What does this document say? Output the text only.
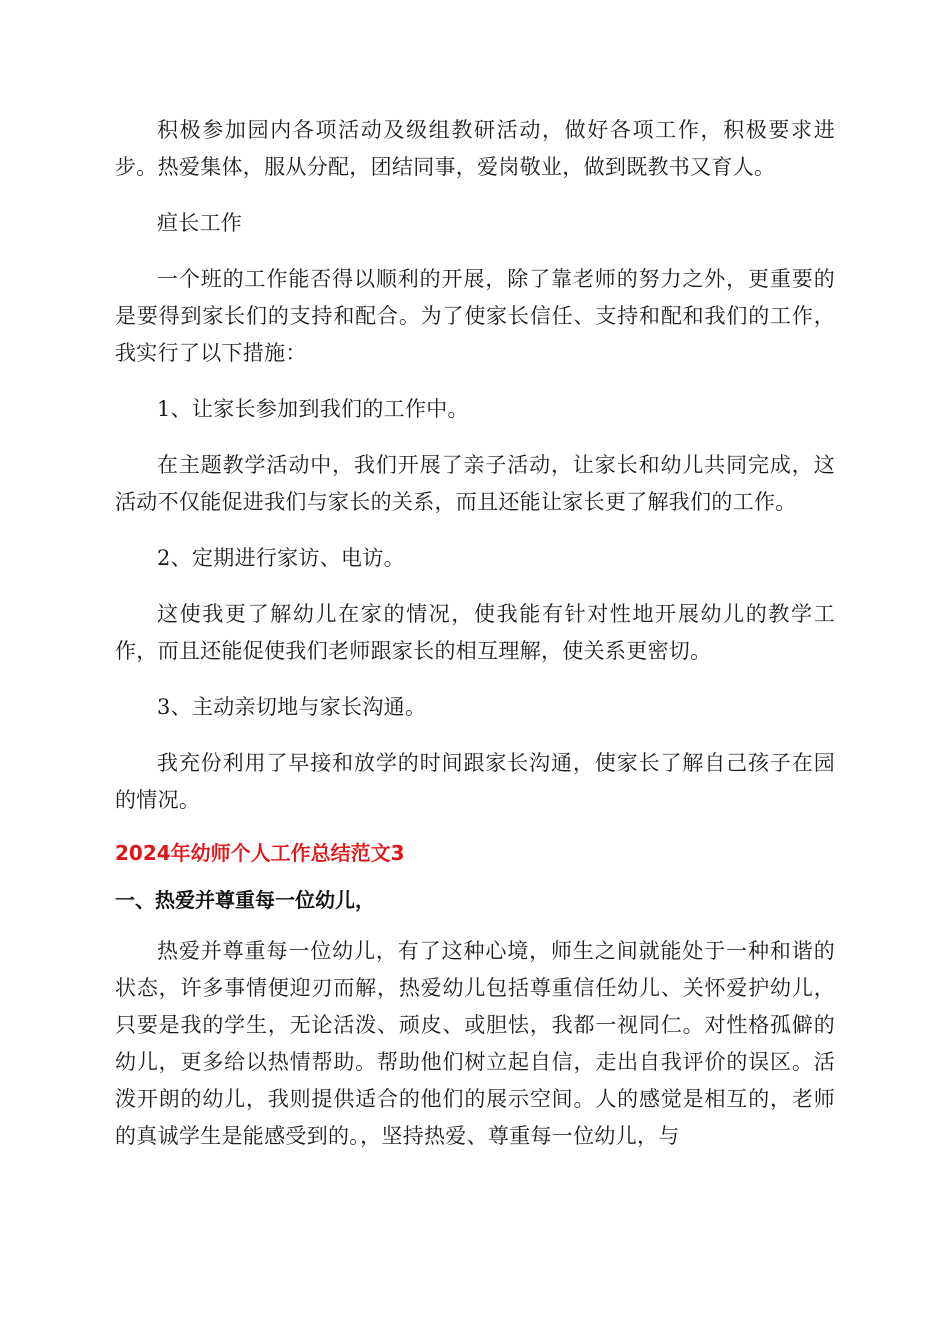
积极参加园内各项活动及级组教研活动，做好各项工作，积极要求进步。热爱集体，服从分配，团结同事，爱岗敬业，做到既教书又育人。

疸长工作

一个班的工作能否得以顺利的开展，除了靠老师的努力之外，更重要的是要得到家长们的支持和配合。为了使家长信任、支持和配和我们的工作，我实行了以下措施：

1、让家长参加到我们的工作中。

在主题教学活动中，我们开展了亲子活动，让家长和幼儿共同完成，这活动不仅能促进我们与家长的关系，而且还能让家长更了解我们的工作。

2、定期进行家访、电访。

这使我更了解幼儿在家的情况，使我能有针对性地开展幼儿的教学工作，而且还能促使我们老师跟家长的相互理解，使关系更密切。

3、主动亲切地与家长沟通。

我充份利用了早接和放学的时间跟家长沟通，使家长了解自己孩子在园的情况。

2024年幼师个人工作总结范文3
一、热爱并尊重每一位幼儿，

热爱并尊重每一位幼儿，有了这种心境，师生之间就能处于一种和谐的状态，许多事情便迎刃而解，热爱幼儿包括尊重信任幼儿、关怀爱护幼儿，只要是我的学生，无论活泼、顽皮、或胆怯，我都一视同仁。对性格孤僻的幼儿，更多给以热情帮助。帮助他们树立起自信，走出自我评价的误区。活泼开朗的幼儿，我则提供适合的他们的展示空间。人的感觉是相互的，老师的真诚学生是能感受到的。，坚持热爱、尊重每一位幼儿，与
